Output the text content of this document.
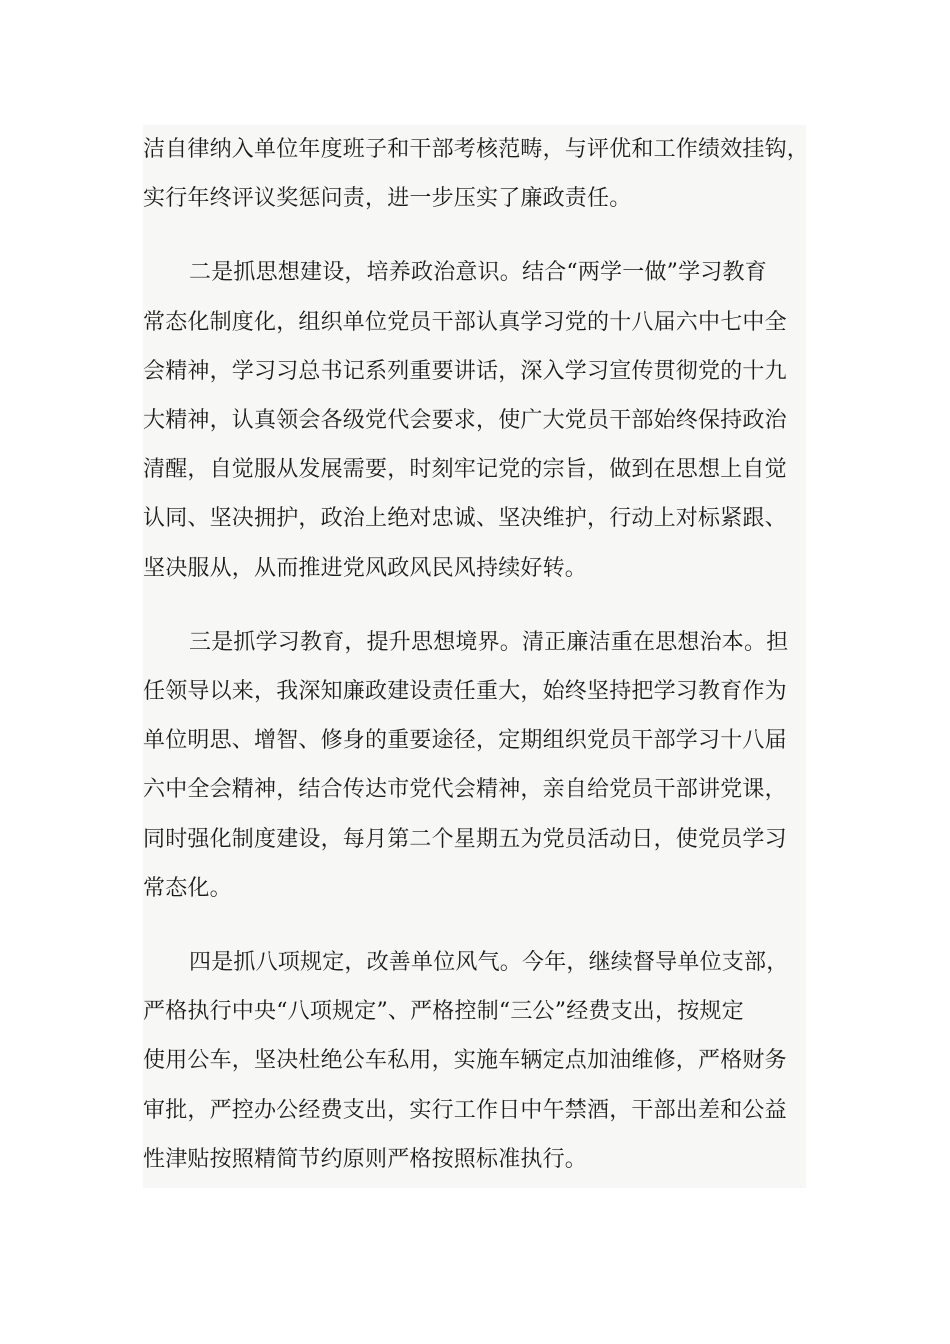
洁自律纳入单位年度班子和干部考核范畴，与评优和工作绩效挂钩，
实行年终评议奖惩问责，进一步压实了廉政责任。

二是抓思想建设，培养政治意识。结合“两学一做”学习教育
常态化制度化，组织单位党员干部认真学习党的十八届六中七中全
会精神，学习习总书记系列重要讲话，深入学习宣传贯彻党的十九
大精神，认真领会各级党代会要求，使广大党员干部始终保持政治
清醒，自觉服从发展需要，时刻牢记党的宗旨，做到在思想上自觉
认同、坚决拥护，政治上绝对忠诚、坚决维护，行动上对标紧跟、
坚决服从，从而推进党风政风民风持续好转。

三是抓学习教育，提升思想境界。清正廉洁重在思想治本。担
任领导以来，我深知廉政建设责任重大，始终坚持把学习教育作为
单位明思、增智、修身的重要途径，定期组织党员干部学习十八届
六中全会精神，结合传达市党代会精神，亲自给党员干部讲党课，
同时强化制度建设，每月第二个星期五为党员活动日，使党员学习
常态化。

四是抓八项规定，改善单位风气。今年，继续督导单位支部，
严格执行中央“八项规定”、严格控制“三公”经费支出，按规定
使用公车，坚决杜绝公车私用，实施车辆定点加油维修，严格财务
审批，严控办公经费支出，实行工作日中午禁酒，干部出差和公益
性津贴按照精简节约原则严格按照标准执行。
